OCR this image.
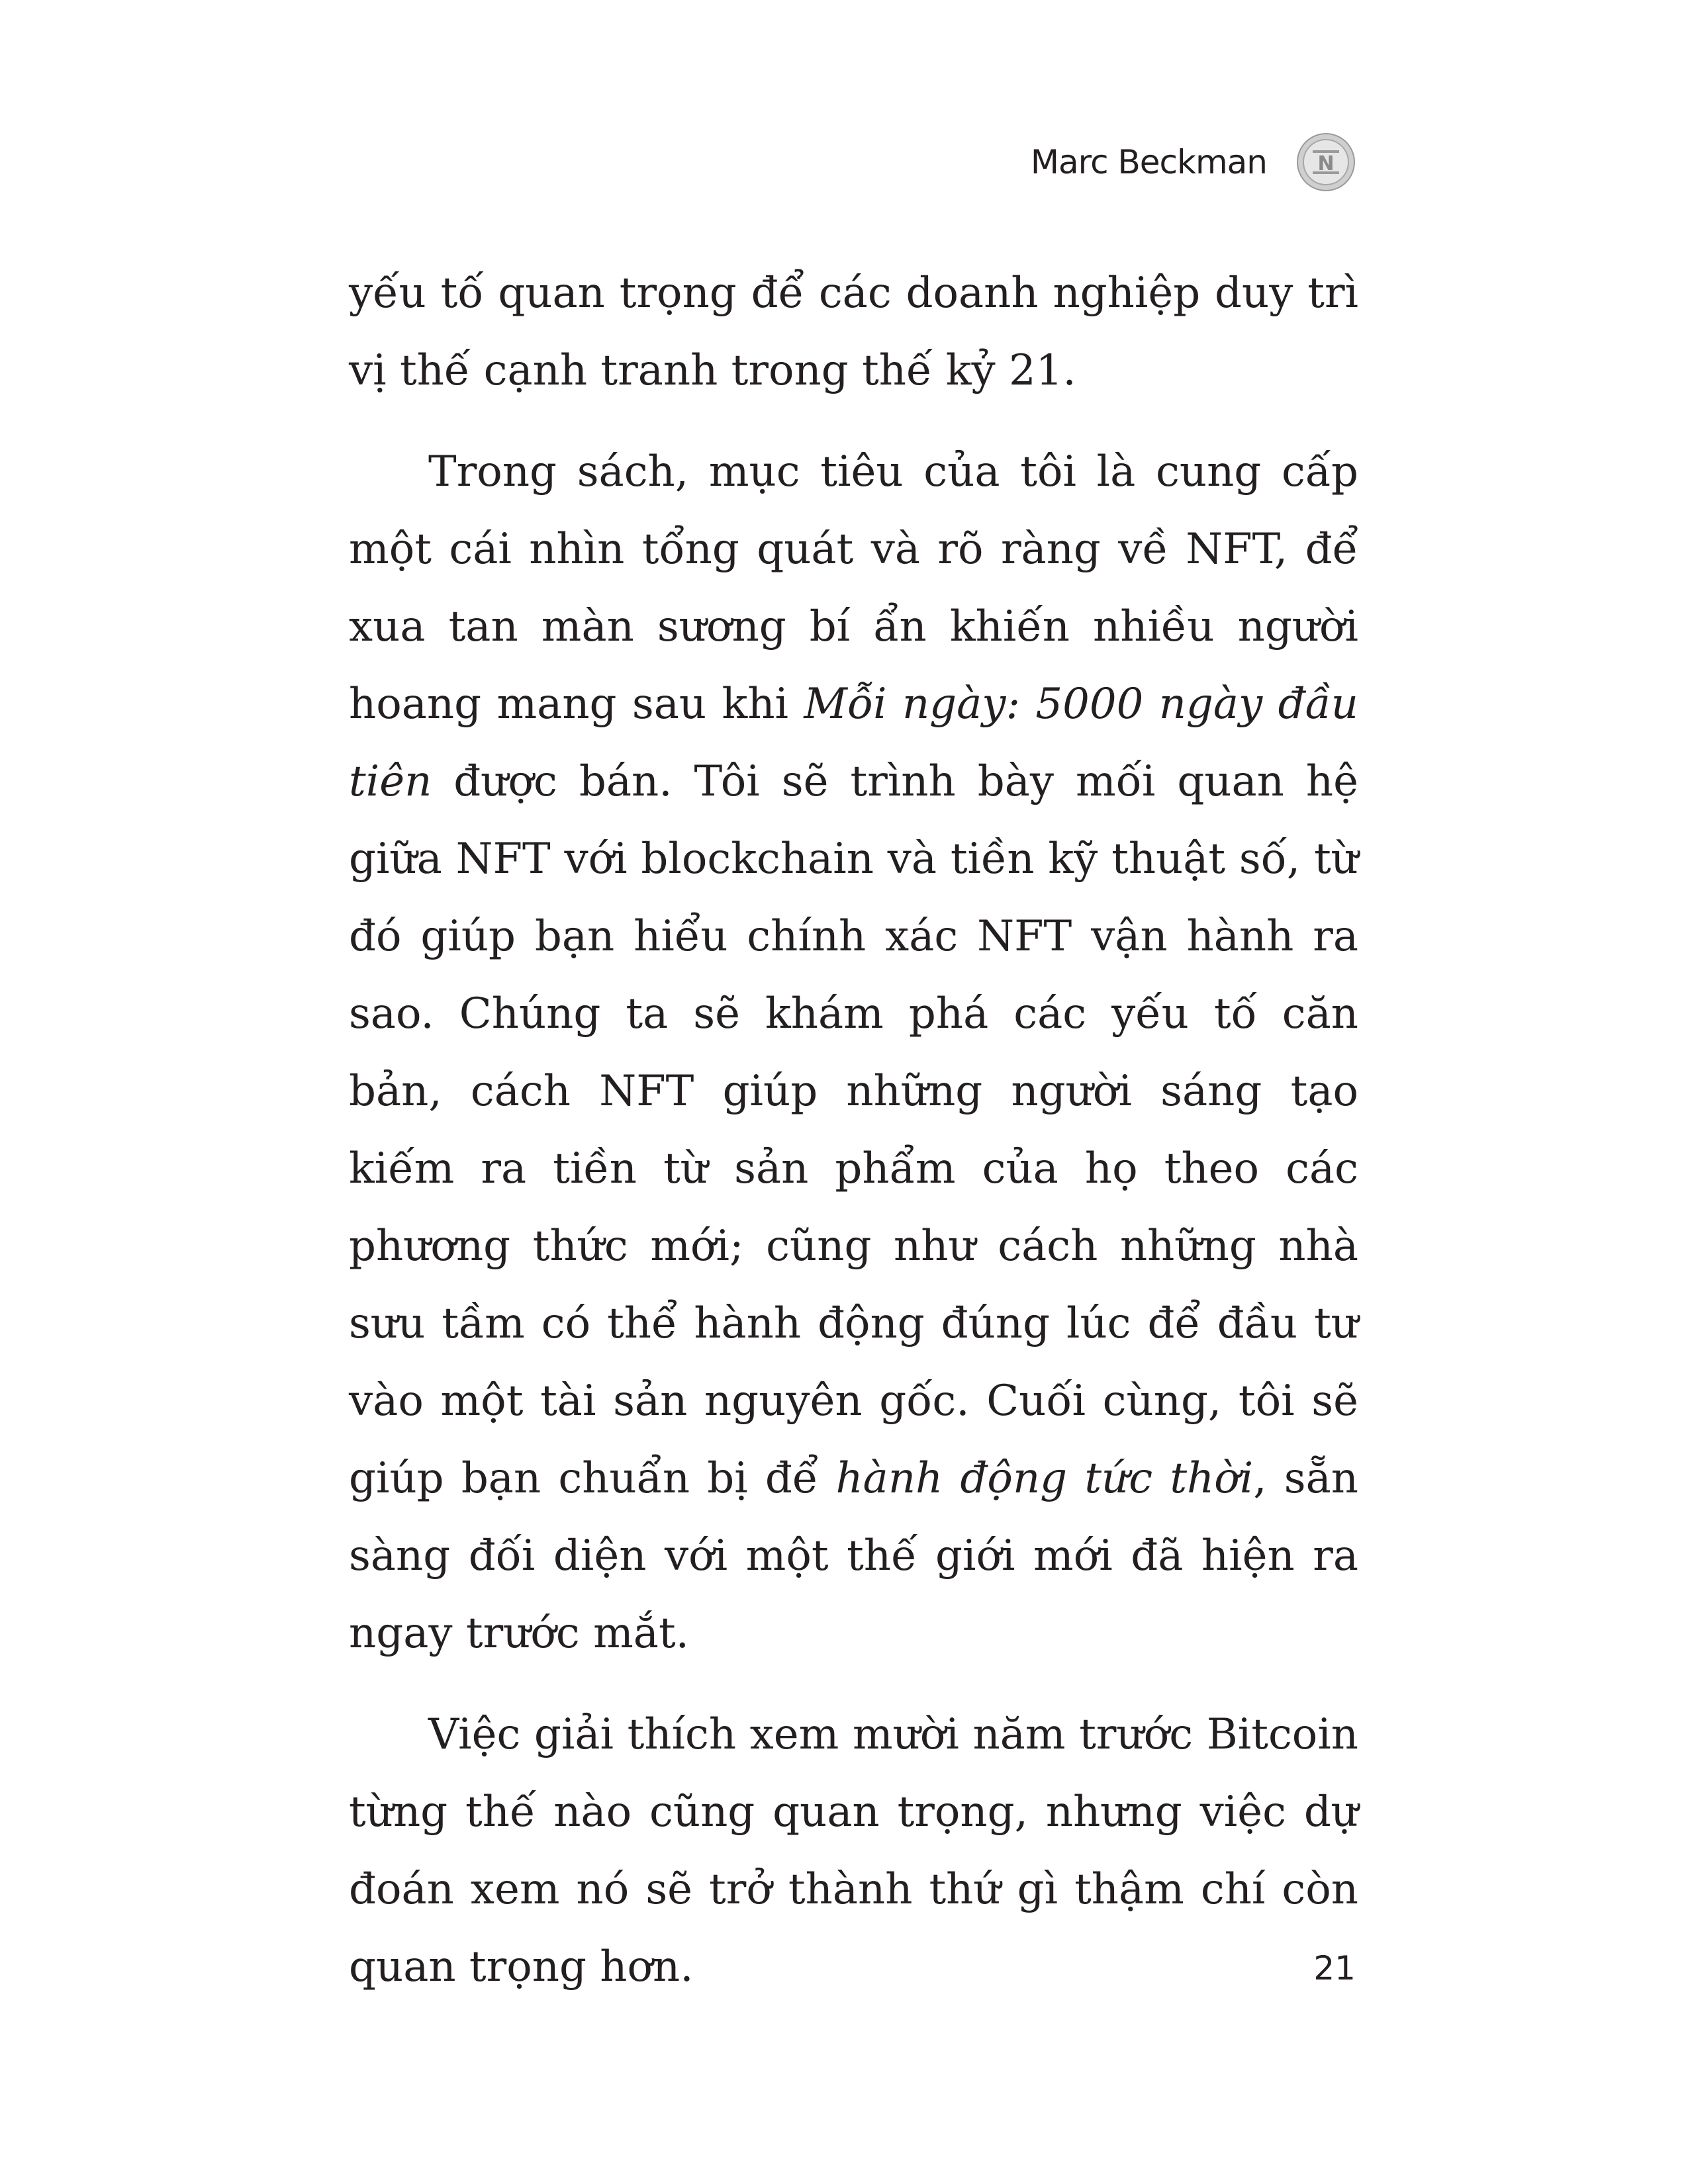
Marc Beckman	N

yếu tố quan trọng để các doanh nghiệp duy trì vị thế cạnh tranh trong thế kỷ 21.

Trong sách, mục tiêu của tôi là cung cấp một cái nhìn tổng quát và rõ ràng về NFT, để xua tan màn sương bí ẩn khiến nhiều người hoang mang sau khi Mỗi ngày: 5000 ngày đầu tiên được bán. Tôi sẽ trình bày mối quan hệ giữa NFT với blockchain và tiền kỹ thuật số, từ đó giúp bạn hiểu chính xác NFT vận hành ra sao. Chúng ta sẽ khám phá các yếu tố căn bản, cách NFT giúp những người sáng tạo kiếm ra tiền từ sản phẩm của họ theo các phương thức mới; cũng như cách những nhà sưu tầm có thể hành động đúng lúc để đầu tư vào một tài sản nguyên gốc. Cuối cùng, tôi sẽ giúp bạn chuẩn bị để hành động tức thời, sẵn sàng đối diện với một thế giới mới đã hiện ra ngay trước mắt.

Việc giải thích xem mười năm trước Bitcoin từng thế nào cũng quan trọng, nhưng việc dự đoán xem nó sẽ trở thành thứ gì thậm chí còn quan trọng hơn.	21
